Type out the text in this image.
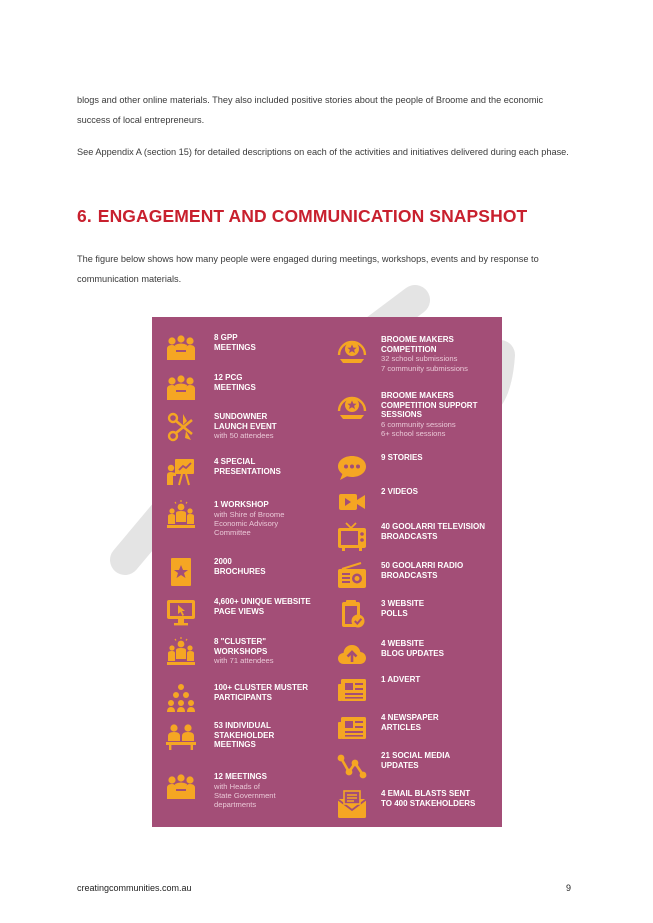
blogs and other online materials. They also included positive stories about the people of Broome and the economic success of local entrepreneurs.
See Appendix A (section 15) for detailed descriptions on each of the activities and initiatives delivered during each phase.
6. ENGAGEMENT AND COMMUNICATION SNAPSHOT
The figure below shows how many people were engaged during meetings, workshops, events and by response to communication materials.
8 GPP
MEETINGS
12 PCG
MEETINGS
SUNDOWNER
LAUNCH EVENT
with 50 attendees
4 SPECIAL
PRESENTATIONS
1 WORKSHOP
with Shire of Broome
Economic Advisory
Committee
2000
BROCHURES
4,600+ UNIQUE WEBSITE
PAGE VIEWS
8 "CLUSTER"
WORKSHOPS
with 71 attendees
100+ CLUSTER MUSTER
PARTICIPANTS
53 INDIVIDUAL
STAKEHOLDER
MEETINGS
12 MEETINGS
with Heads of
State Government
departments
BROOME MAKERS
COMPETITION
32 school submissions
7 community submissions
BROOME MAKERS
COMPETITION SUPPORT
SESSIONS
6 community sessions
6+ school sessions
9 STORIES
2 VIDEOS
40 GOOLARRI TELEVISION
BROADCASTS
50 GOOLARRI RADIO
BROADCASTS
3 WEBSITE
POLLS
4 WEBSITE
BLOG UPDATES
1 ADVERT
4 NEWSPAPER
ARTICLES
21 SOCIAL MEDIA
UPDATES
4 EMAIL BLASTS SENT
TO 400 STAKEHOLDERS
creatingcommunities.com.au	9
